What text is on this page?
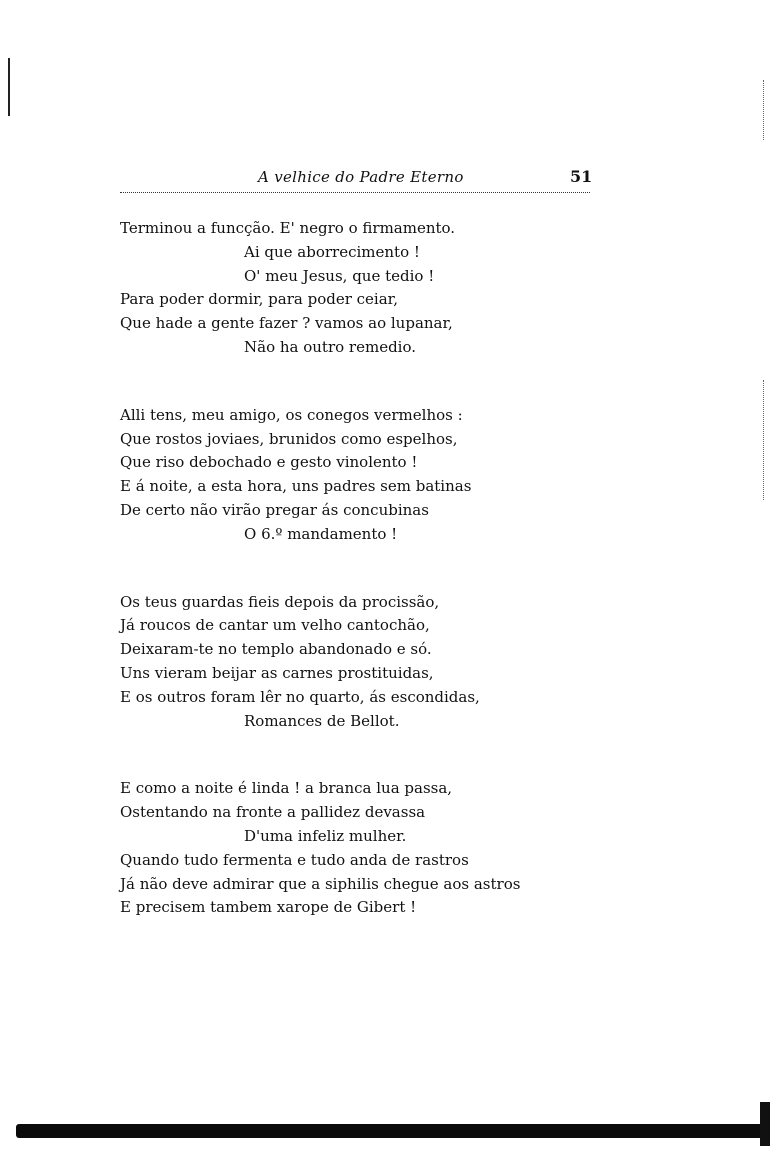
A velhice do Padre Eterno	51
Terminou a funcção. E' negro o firmamento.
Ai que aborrecimento !
O' meu Jesus, que tedio !
Para poder dormir, para poder ceiar,
Que hade a gente fazer ? vamos ao lupanar,
Não ha outro remedio.
Alli tens, meu amigo, os conegos vermelhos :
Que rostos joviaes, brunidos como espelhos,
Que riso debochado e gesto vinolento !
E á noite, a esta hora, uns padres sem batinas
De certo não virão pregar ás concubinas
O 6.º mandamento !
Os teus guardas fieis depois da procissão,
Já roucos de cantar um velho cantochão,
Deixaram-te no templo abandonado e só.
Uns vieram beijar as carnes prostituidas,
E os outros foram lêr no quarto, ás escondidas,
Romances de Bellot.
E como a noite é linda ! a branca lua passa,
Ostentando na fronte a pallidez devassa
D'uma infeliz mulher.
Quando tudo fermenta e tudo anda de rastros
Já não deve admirar que a siphilis chegue aos astros
E precisem tambem xarope de Gibert !
